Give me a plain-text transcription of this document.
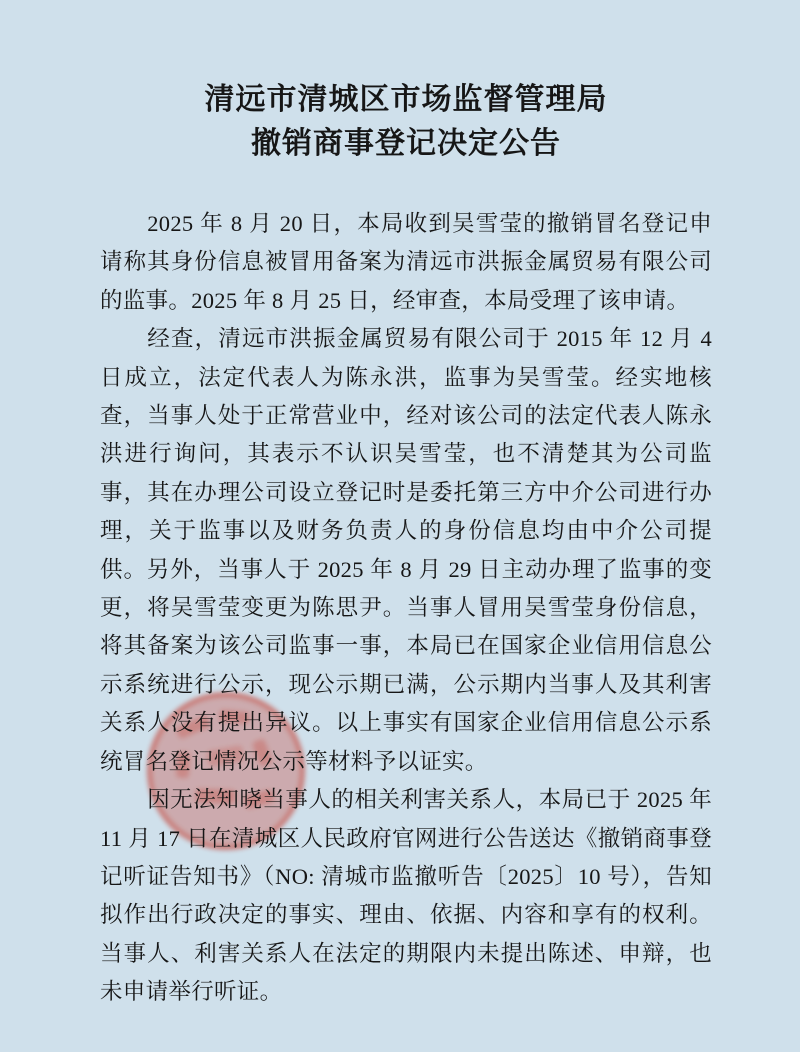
清远市清城区市场监督管理局
撤销商事登记决定公告

2025 年 8 月 20 日，本局收到吴雪莹的撤销冒名登记申请称其身份信息被冒用备案为清远市洪振金属贸易有限公司的监事。2025 年 8 月 25 日，经审查，本局受理了该申请。

经查，清远市洪振金属贸易有限公司于 2015 年 12 月 4 日成立，法定代表人为陈永洪，监事为吴雪莹。经实地核查，当事人处于正常营业中，经对该公司的法定代表人陈永洪进行询问，其表示不认识吴雪莹，也不清楚其为公司监事，其在办理公司设立登记时是委托第三方中介公司进行办理，关于监事以及财务负责人的身份信息均由中介公司提供。另外，当事人于 2025 年 8 月 29 日主动办理了监事的变更，将吴雪莹变更为陈思尹。当事人冒用吴雪莹身份信息，将其备案为该公司监事一事，本局已在国家企业信用信息公示系统进行公示，现公示期已满，公示期内当事人及其利害关系人没有提出异议。以上事实有国家企业信用信息公示系统冒名登记情况公示等材料予以证实。

因无法知晓当事人的相关利害关系人，本局已于 2025 年 11 月 17 日在清城区人民政府官网进行公告送达《撤销商事登记听证告知书》（NO: 清城市监撤听告〔2025〕10 号），告知拟作出行政决定的事实、理由、依据、内容和享有的权利。当事人、利害关系人在法定的期限内未提出陈述、申辩，也未申请举行听证。
